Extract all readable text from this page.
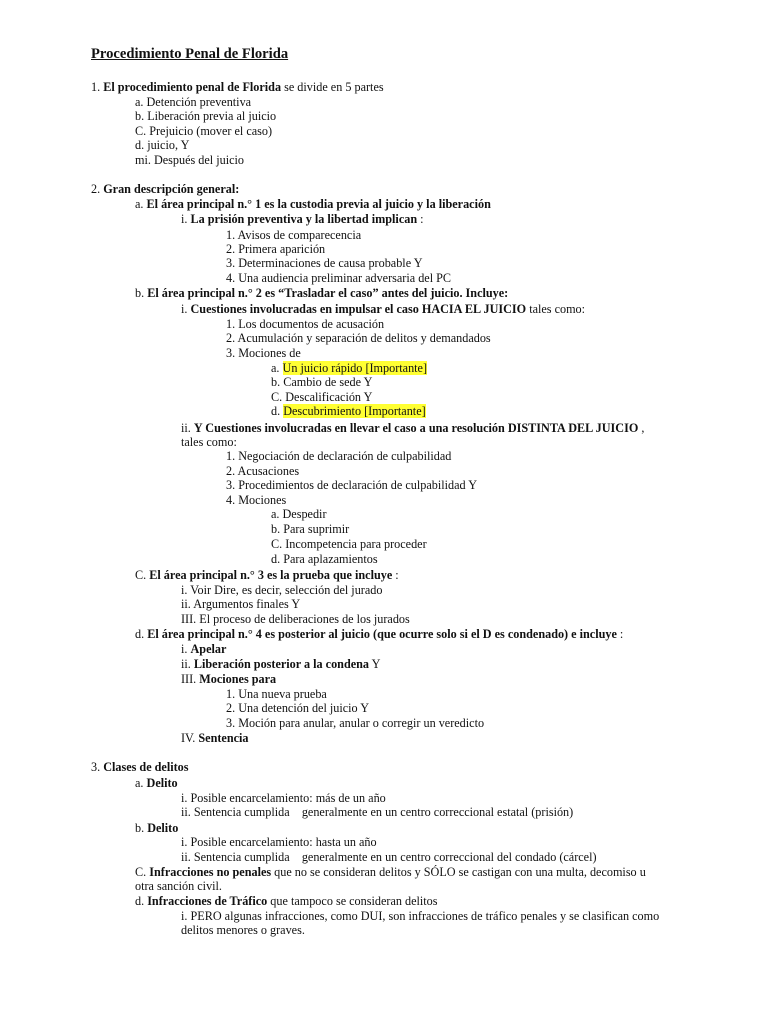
Procedimiento Penal de Florida
1. El procedimiento penal de Florida se divide en 5 partes
a. Detención preventiva
b. Liberación previa al juicio
C. Prejuicio (mover el caso)
d. juicio, Y
mi. Después del juicio
2. Gran descripción general:
a. El área principal n.° 1 es la custodia previa al juicio y la liberación
i. La prisión preventiva y la libertad implican :
1. Avisos de comparecencia
2. Primera aparición
3. Determinaciones de causa probable Y
4. Una audiencia preliminar adversaria del PC
b. El área principal n.° 2 es “Trasladar el caso” antes del juicio. Incluye:
i. Cuestiones involucradas en impulsar el caso HACIA EL JUICIO tales como:
1. Los documentos de acusación
2. Acumulación y separación de delitos y demandados
3. Mociones de
a. Un juicio rápido [Importante]
b. Cambio de sede Y
C. Descalificación Y
d. Descubrimiento [Importante]
ii. Y Cuestiones involucradas en llevar el caso a una resolución DISTINTA DEL JUICIO ,
tales como:
1. Negociación de declaración de culpabilidad
2. Acusaciones
3. Procedimientos de declaración de culpabilidad Y
4. Mociones
a. Despedir
b. Para suprimir
C. Incompetencia para proceder
d. Para aplazamientos
C. El área principal n.° 3 es la prueba que incluye :
i. Voir Dire, es decir, selección del jurado
ii. Argumentos finales Y
III. El proceso de deliberaciones de los jurados
d. El área principal n.° 4 es posterior al juicio (que ocurre solo si el D es condenado) e incluye :
i. Apelar
ii. Liberación posterior a la condena Y
III. Mociones para
1. Una nueva prueba
2. Una detención del juicio Y
3. Moción para anular, anular o corregir un veredicto
IV. Sentencia
3. Clases de delitos
a. Delito
i. Posible encarcelamiento: más de un año
ii. Sentencia cumplida    generalmente en un centro correccional estatal (prisión)
b. Delito
i. Posible encarcelamiento: hasta un año
ii. Sentencia cumplida    generalmente en un centro correccional del condado (cárcel)
C. Infracciones no penales que no se consideran delitos y SÓLO se castigan con una multa, decomiso u
otra sanción civil.
d. Infracciones de Tráfico que tampoco se consideran delitos
i. PERO algunas infracciones, como DUI, son infracciones de tráfico penales y se clasifican como
delitos menores o graves.
